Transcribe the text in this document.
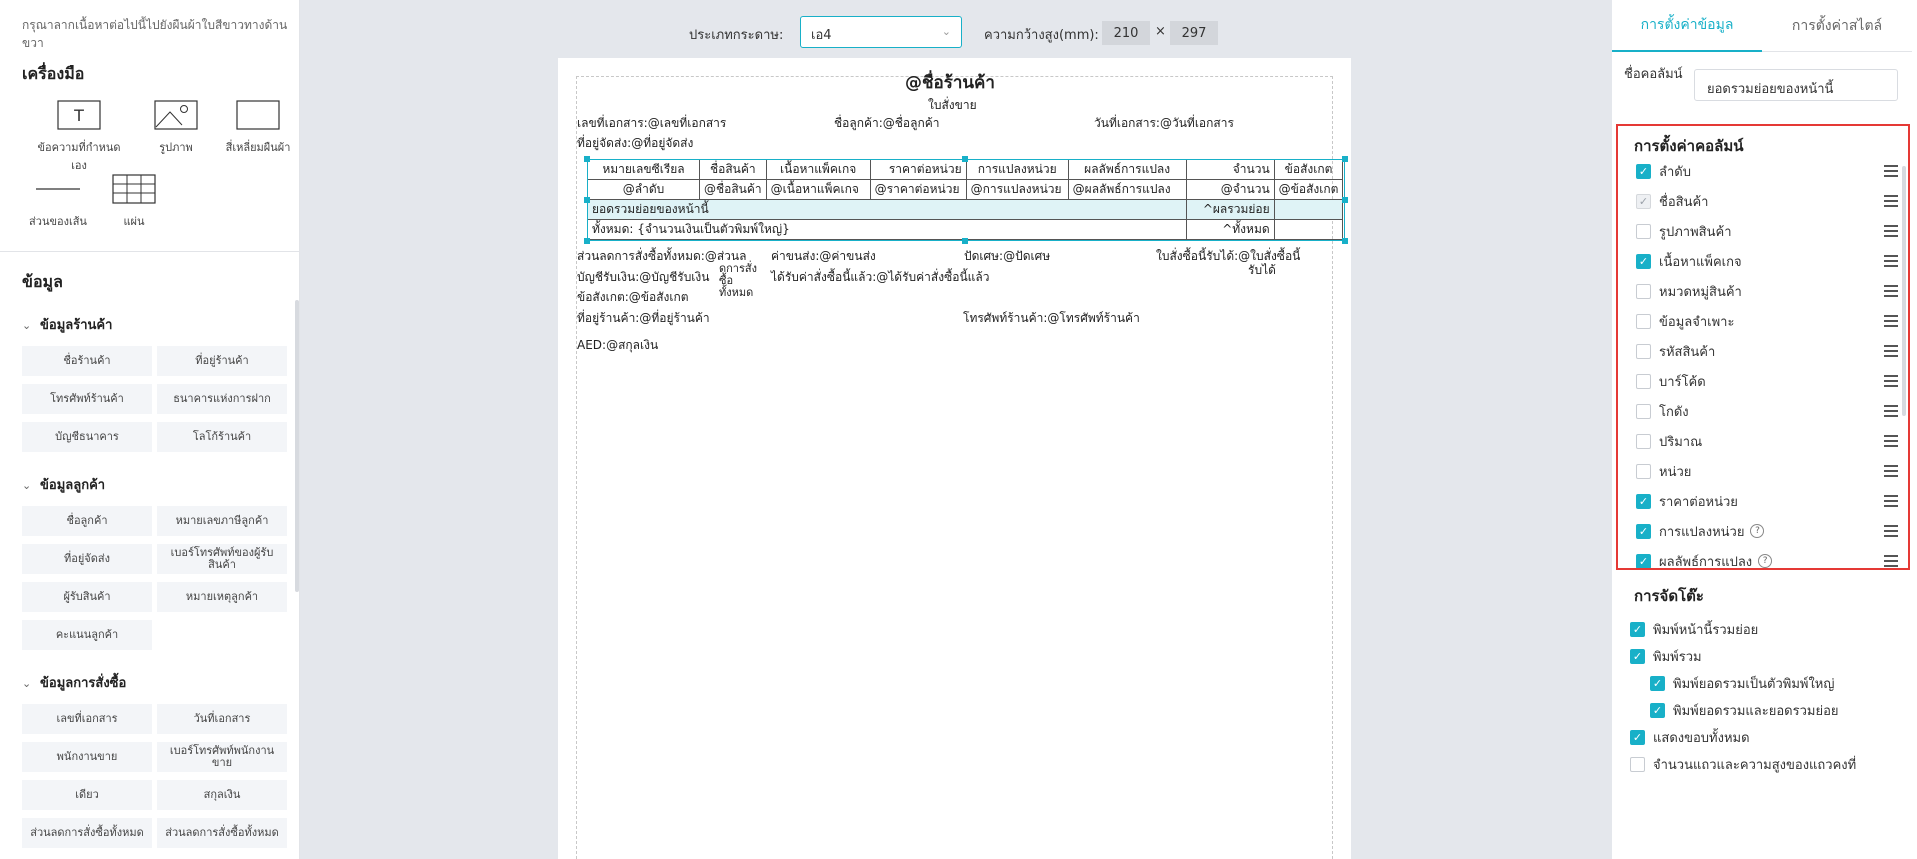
กรุณาลากเนื้อหาต่อไปนี้ไปยังผืนผ้าใบสีขาวทางด้านขวา
เครื่องมือ
T
ข้อความที่กำหนดเอง
รูปภาพ	สี่เหลี่ยมผืนผ้า
ส่วนของเส้น	แผ่น
ข้อมูล
⌄ ข้อมูลร้านค้า
ชื่อร้านค้า	ที่อยู่ร้านค้า
โทรศัพท์ร้านค้า	ธนาคารแห่งการฝาก
บัญชีธนาคาร	โลโก้ร้านค้า
⌄ ข้อมูลลูกค้า
ชื่อลูกค้า	หมายเลขภาษีลูกค้า
ที่อยู่จัดส่ง	เบอร์โทรศัพท์ของผู้รับสินค้า
ผู้รับสินค้า	หมายเหตุลูกค้า
คะแนนลูกค้า
⌄ ข้อมูลการสั่งซื้อ
เลขที่เอกสาร	วันที่เอกสาร
พนักงานขาย	เบอร์โทรศัพท์พนักงานขาย
เดียว	สกุลเงิน
ส่วนลดการสั่งซื้อทั้งหมด	ส่วนลดการสั่งซื้อทั้งหมด
ประเภทกระดาษ:	เอ4	⌄	ความกว้างสูง(mm):	210	×	297
@ชื่อร้านค้า
ใบสั่งขาย
เลขที่เอกสาร:@เลขที่เอกสาร	ชื่อลูกค้า:@ชื่อลูกค้า	วันที่เอกสาร:@วันที่เอกสาร
ที่อยู่จัดส่ง:@ที่อยู่จัดส่ง
หมายเลขซีเรียล	ชื่อสินค้า	เนื้อหาแพ็คเกจ	ราคาต่อหน่วย	การแปลงหน่วย	ผลลัพธ์การแปลง	จำนวน	ข้อสังเกต
@ลำดับ	@ชื่อสินค้า	@เนื้อหาแพ็คเกจ	@ราคาต่อหน่วย	@การแปลงหน่วย	@ผลลัพธ์การแปลง	@จำนวน	@ข้อสังเกต
ยอดรวมย่อยของหน้านี้						^ผลรวมย่อย	
ทั้งหมด: {จำนวนเงินเป็นตัวพิมพ์ใหญ่}						^ทั้งหมด	
ส่วนลดการสั่งซื้อทั้งหมด:@ส่วนล
ดการสั่งซื้อทั้งหมด
ค่าขนส่ง:@ค่าขนส่ง	ปัดเศษ:@ปัดเศษ	ใบสั่งซื้อนี้รับได้:@ใบสั่งซื้อนี้
รับได้
บัญชีรับเงิน:@บัญชีรับเงิน	ได้รับค่าสั่งซื้อนี้แล้ว:@ได้รับค่าสั่งซื้อนี้แล้ว
ข้อสังเกต:@ข้อสังเกต
ที่อยู่ร้านค้า:@ที่อยู่ร้านค้า	โทรศัพท์ร้านค้า:@โทรศัพท์ร้านค้า
AED:@สกุลเงิน
การตั้งค่าข้อมูล	การตั้งค่าสไตล์
ชื่อคอลัมน์
ยอดรวมย่อยของหน้านี้
การตั้งค่าคอลัมน์
✓ ลำดับ
✓ ชื่อสินค้า
รูปภาพสินค้า
✓ เนื้อหาแพ็คเกจ
หมวดหมู่สินค้า
ข้อมูลจำเพาะ
รหัสสินค้า
บาร์โค้ด
โกดัง
ปริมาณ
หน่วย
✓ ราคาต่อหน่วย
✓ การแปลงหน่วย	?
✓ ผลลัพธ์การแปลง	?
การจัดโต๊ะ
✓ พิมพ์หน้านี้รวมย่อย
✓ พิมพ์รวม
✓ พิมพ์ยอดรวมเป็นตัวพิมพ์ใหญ่
✓ พิมพ์ยอดรวมและยอดรวมย่อย
✓ แสดงขอบทั้งหมด
จำนวนแถวและความสูงของแถวคงที่
